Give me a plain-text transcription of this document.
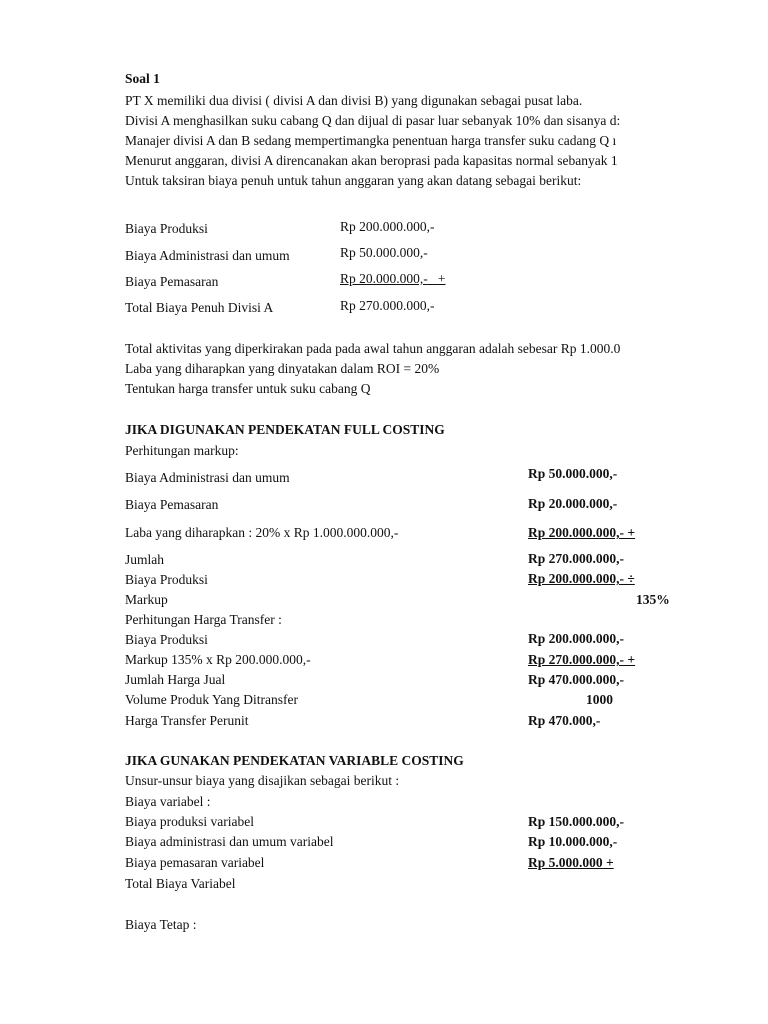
Soal 1
PT X memiliki dua divisi ( divisi A dan divisi B) yang digunakan sebagai pusat laba.
Divisi A menghasilkan suku cabang Q dan dijual di pasar luar sebanyak 10% dan sisanya d:
Manajer divisi A dan B sedang mempertimangka penentuan harga transfer suku cadang Q ı
Menurut anggaran, divisi A direncanakan akan beroprasi pada kapasitas normal sebanyak 1
Untuk taksiran biaya penuh untuk tahun anggaran yang akan datang sebagai berikut:
Biaya Produksi	Rp 200.000.000,-
Biaya Administrasi dan umum	Rp 50.000.000,-
Biaya Pemasaran	Rp 20.000.000,- +
Total Biaya Penuh Divisi A	Rp 270.000.000,-
Total aktivitas yang diperkirakan pada pada awal tahun anggaran adalah sebesar Rp 1.000.0
Laba yang diharapkan yang dinyatakan dalam ROI = 20%
Tentukan harga transfer untuk suku cabang Q
JIKA DIGUNAKAN PENDEKATAN FULL COSTING
Perhitungan markup:
Biaya Administrasi dan umum	Rp 50.000.000,-
Biaya Pemasaran	Rp 20.000.000,-
Laba yang diharapkan : 20% x Rp 1.000.000.000,-	Rp 200.000.000,- +
Jumlah	Rp 270.000.000,-
Biaya Produksi	Rp 200.000.000,- ÷
Markup	135%
Perhitungan Harga Transfer :
Biaya Produksi	Rp 200.000.000,-
Markup 135% x Rp 200.000.000,-	Rp 270.000.000,- +
Jumlah Harga Jual	Rp 470.000.000,-
Volume Produk Yang Ditransfer	1000
Harga Transfer Perunit	Rp 470.000,-
JIKA GUNAKAN PENDEKATAN VARIABLE COSTING
Unsur-unsur biaya yang disajikan sebagai berikut :
Biaya variabel :
Biaya produksi variabel	Rp 150.000.000,-
Biaya administrasi dan umum variabel	Rp 10.000.000,-
Biaya pemasaran variabel	Rp 5.000.000 +
Total Biaya Variabel
Biaya Tetap :
